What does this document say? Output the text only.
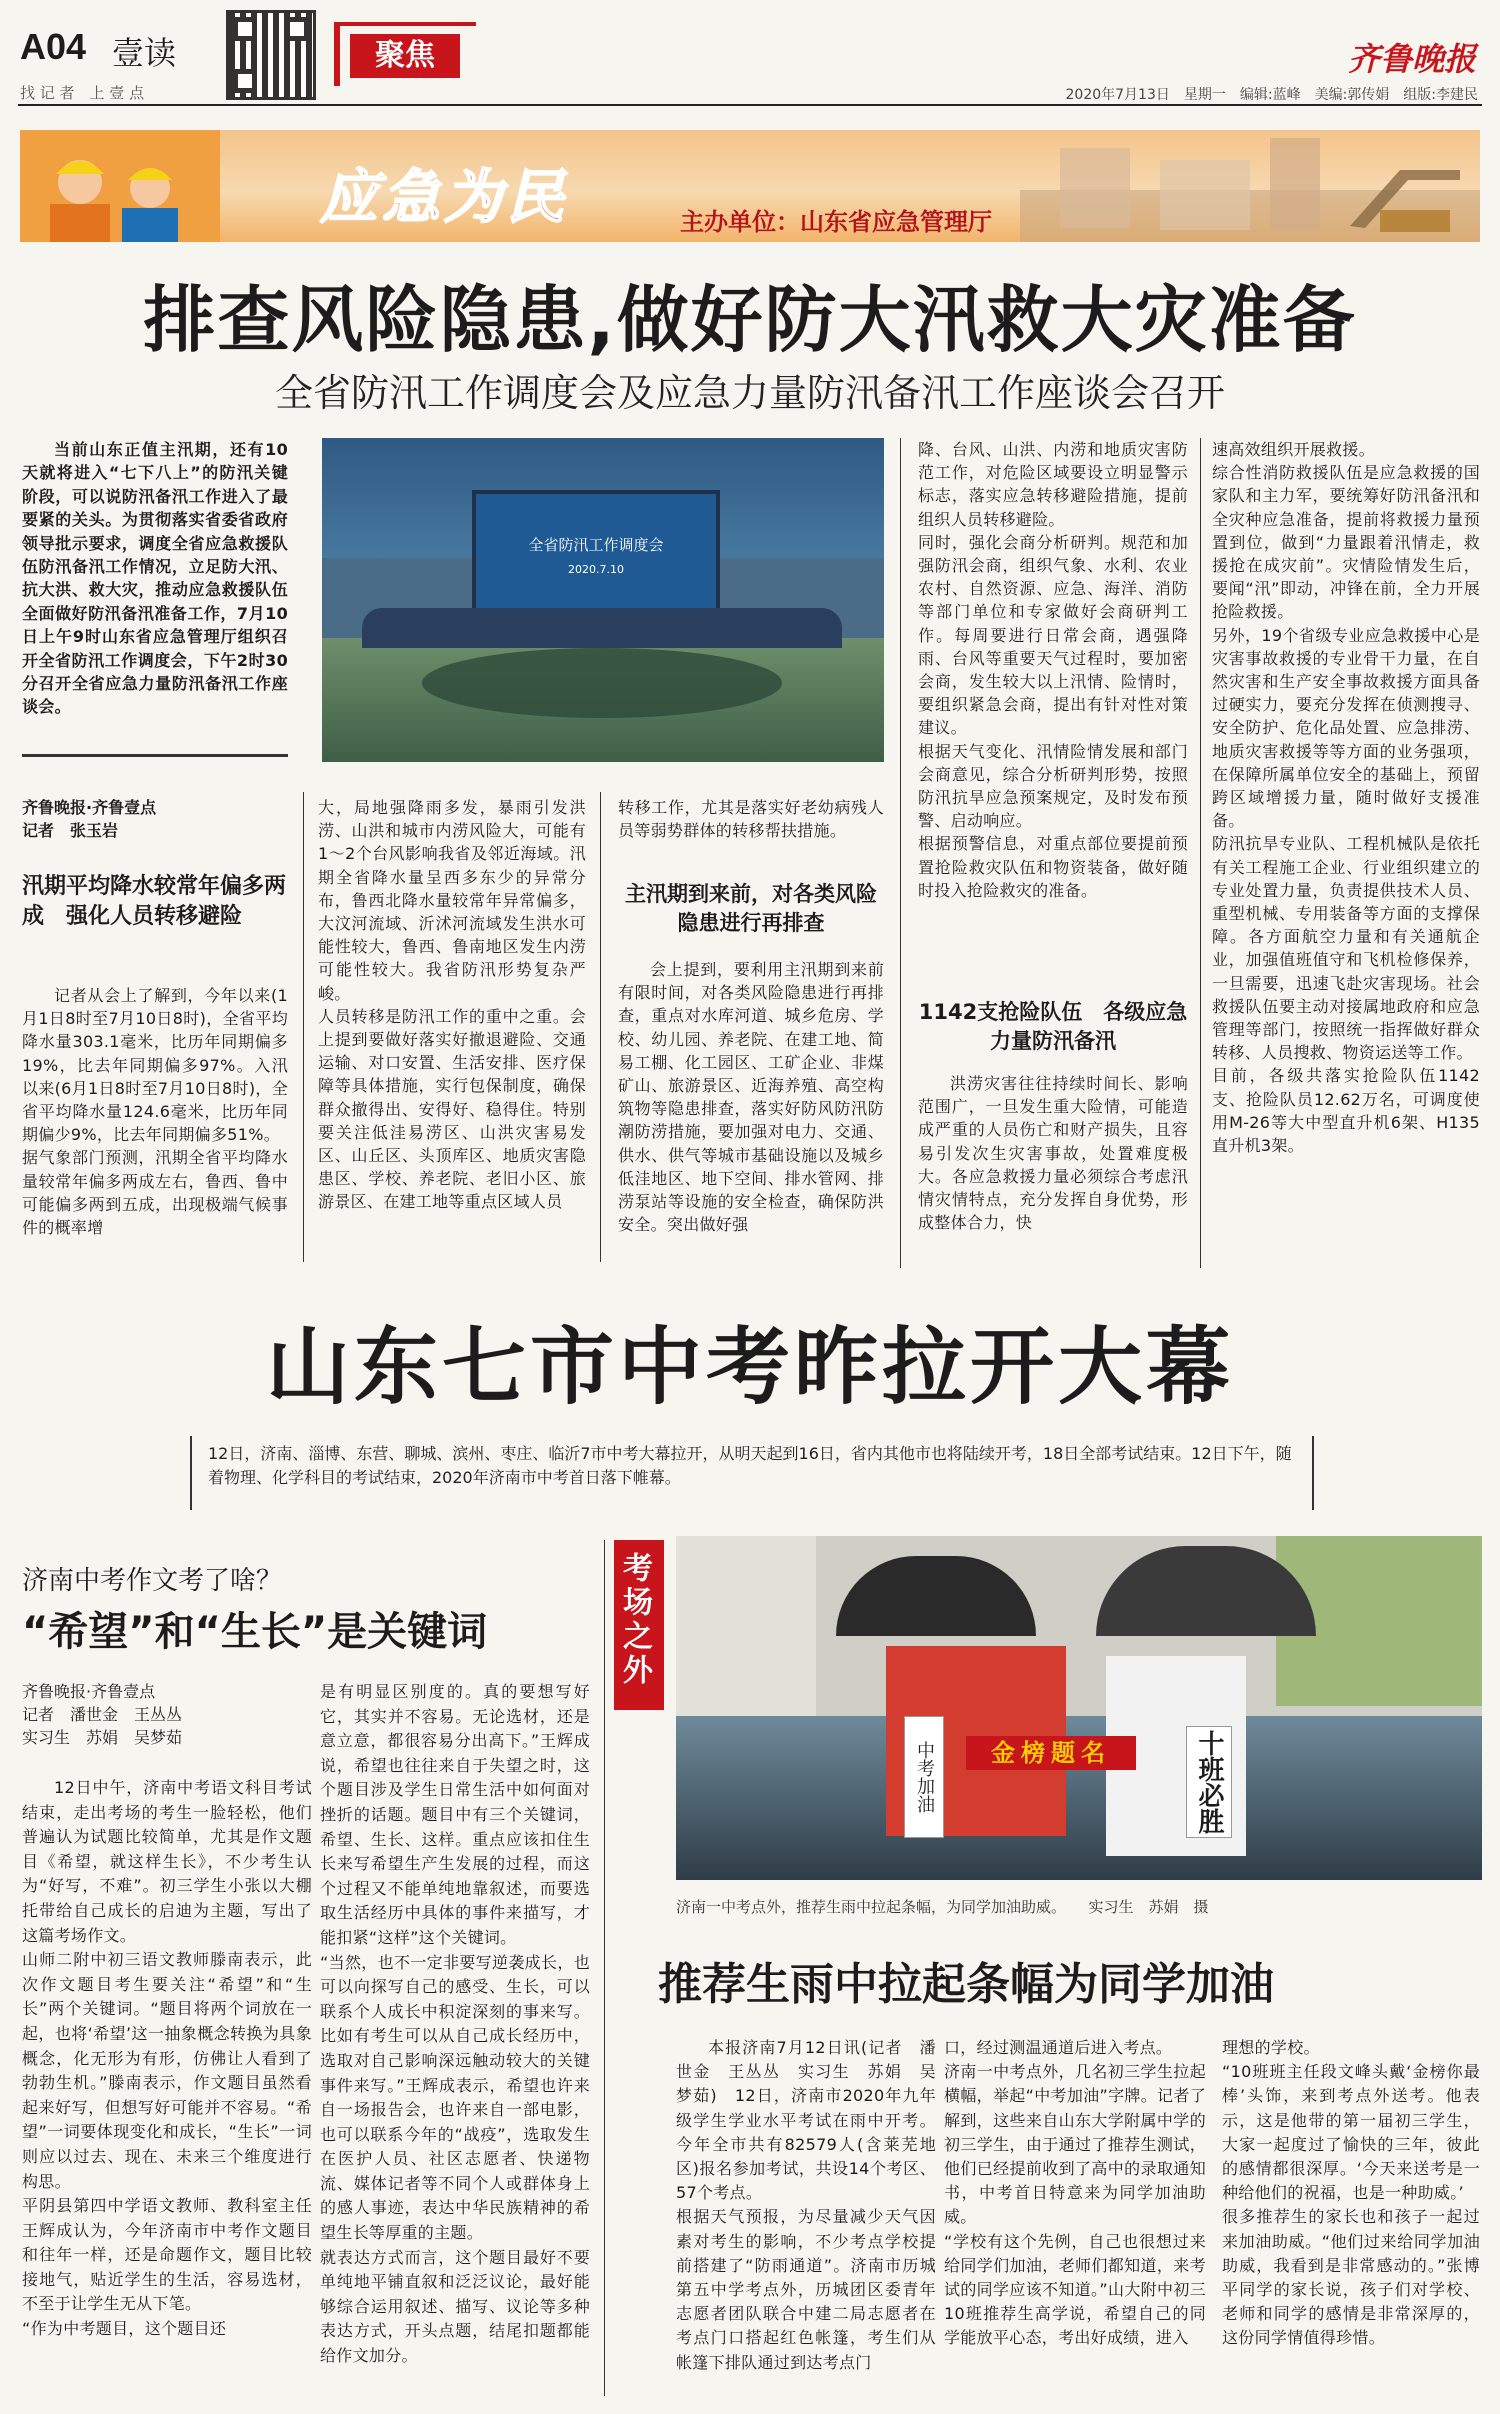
A04 壹读
找 记 者　上 壹 点
聚焦	齐鲁晚报
2020年7月13日　星期一　编辑:蓝峰　美编:郭传娟　组版:李建民
应急为民	主办单位：山东省应急管理厅
排查风险隐患,做好防大汛救大灾准备
全省防汛工作调度会及应急力量防汛备汛工作座谈会召开

当前山东正值主汛期，还有10天就将进入“七下八上”的防汛关键阶段，可以说防汛备汛工作进入了最要紧的关头。为贯彻落实省委省政府领导批示要求，调度全省应急救援队伍防汛备汛工作情况，立足防大汛、抗大洪、救大灾，推动应急救援队伍全面做好防汛备汛准备工作，7月10日上午9时山东省应急管理厅组织召开全省防汛工作调度会，下午2时30分召开全省应急力量防汛备汛工作座谈会。

全省防汛工作调度会
2020.7.10

齐鲁晚报·齐鲁壹点

记者　张玉岩

汛期平均降水较常年偏多两成　强化人员转移避险

记者从会上了解到，今年以来(1月1日8时至7月10日8时)，全省平均降水量303.1毫米，比历年同期偏多19%，比去年同期偏多97%。入汛以来(6月1日8时至7月10日8时)，全省平均降水量124.6毫米，比历年同期偏少9%，比去年同期偏多51%。
据气象部门预测，汛期全省平均降水量较常年偏多两成左右，鲁西、鲁中可能偏多两到五成，出现极端气候事件的概率增

大，局地强降雨多发，暴雨引发洪涝、山洪和城市内涝风险大，可能有1～2个台风影响我省及邻近海域。汛期全省降水量呈西多东少的异常分布，鲁西北降水量较常年异常偏多，大汶河流域、沂沭河流域发生洪水可能性较大，鲁西、鲁南地区发生内涝可能性较大。我省防汛形势复杂严峻。
人员转移是防汛工作的重中之重。会上提到要做好落实好撤退避险、交通运输、对口安置、生活安排、医疗保障等具体措施，实行包保制度，确保群众撤得出、安得好、稳得住。特别要关注低洼易涝区、山洪灾害易发区、山丘区、头顶库区、地质灾害隐患区、学校、养老院、老旧小区、旅游景区、在建工地等重点区域人员

转移工作，尤其是落实好老幼病残人员等弱势群体的转移帮扶措施。

主汛期到来前，对各类风险隐患进行再排查

会上提到，要利用主汛期到来前有限时间，对各类风险隐患进行再排查，重点对水库河道、城乡危房、学校、幼儿园、养老院、在建工地、简易工棚、化工园区、工矿企业、非煤矿山、旅游景区、近海养殖、高空构筑物等隐患排查，落实好防风防汛防潮防涝措施，要加强对电力、交通、供水、供气等城市基础设施以及城乡低洼地区、地下空间、排水管网、排涝泵站等设施的安全检查，确保防洪安全。突出做好强

降、台风、山洪、内涝和地质灾害防范工作，对危险区域要设立明显警示标志，落实应急转移避险措施，提前组织人员转移避险。
同时，强化会商分析研判。规范和加强防汛会商，组织气象、水利、农业农村、自然资源、应急、海洋、消防等部门单位和专家做好会商研判工作。每周要进行日常会商，遇强降雨、台风等重要天气过程时，要加密会商，发生较大以上汛情、险情时，要组织紧急会商，提出有针对性对策建议。
根据天气变化、汛情险情发展和部门会商意见，综合分析研判形势，按照防汛抗旱应急预案规定，及时发布预警、启动响应。
根据预警信息，对重点部位要提前预置抢险救灾队伍和物资装备，做好随时投入抢险救灾的准备。

1142支抢险队伍　各级应急力量防汛备汛

洪涝灾害往往持续时间长、影响范围广，一旦发生重大险情，可能造成严重的人员伤亡和财产损失，且容易引发次生灾害事故，处置难度极大。各应急救援力量必须综合考虑汛情灾情特点，充分发挥自身优势，形成整体合力，快

速高效组织开展救援。
综合性消防救援队伍是应急救援的国家队和主力军，要统筹好防汛备汛和全灾种应急准备，提前将救援力量预置到位，做到“力量跟着汛情走，救援抢在成灾前”。灾情险情发生后，要闻“汛”即动，冲锋在前，全力开展抢险救援。
另外，19个省级专业应急救援中心是灾害事故救援的专业骨干力量，在自然灾害和生产安全事故救援方面具备过硬实力，要充分发挥在侦测搜寻、安全防护、危化品处置、应急排涝、地质灾害救援等等方面的业务强项，在保障所属单位安全的基础上，预留跨区域增援力量，随时做好支援准备。
防汛抗旱专业队、工程机械队是依托有关工程施工企业、行业组织建立的专业处置力量，负责提供技术人员、重型机械、专用装备等方面的支撑保障。各方面航空力量和有关通航企业，加强值班值守和飞机检修保养，一旦需要，迅速飞赴灾害现场。社会救援队伍要主动对接属地政府和应急管理等部门，按照统一指挥做好群众转移、人员搜救、物资运送等工作。
目前，各级共落实抢险队伍1142支、抢险队员12.62万名，可调度使用M-26等大中型直升机6架、H135直升机3架。

山东七市中考昨拉开大幕

12日，济南、淄博、东营、聊城、滨州、枣庄、临沂7市中考大幕拉开，从明天起到16日，省内其他市也将陆续开考，18日全部考试结束。12日下午，随着物理、化学科目的考试结束，2020年济南市中考首日落下帷幕。

济南中考作文考了啥？
“希望”和“生长”是关键词

齐鲁晚报·齐鲁壹点

记者　潘世金　王丛丛

实习生　苏娟　吴梦茹

12日中午，济南中考语文科目考试结束，走出考场的考生一脸轻松，他们普遍认为试题比较简单，尤其是作文题目《希望，就这样生长》，不少考生认为“好写，不难”。初三学生小张以大棚托带给自己成长的启迪为主题，写出了这篇考场作文。
山师二附中初三语文教师滕南表示，此次作文题目考生要关注“希望”和“生长”两个关键词。“题目将两个词放在一起，也将‘希望’这一抽象概念转换为具象概念，化无形为有形，仿佛让人看到了勃勃生机。”滕南表示，作文题目虽然看起来好写，但想写好可能并不容易。“希望”一词要体现变化和成长，“生长”一词则应以过去、现在、未来三个维度进行构思。
平阴县第四中学语文教师、教科室主任王辉成认为，今年济南市中考作文题目和往年一样，还是命题作文，题目比较接地气，贴近学生的生活，容易选材，不至于让学生无从下笔。
“作为中考题目，这个题目还

是有明显区别度的。真的要想写好它，其实并不容易。无论选材，还是意立意，都很容易分出高下。”王辉成说，希望也往往来自于失望之时，这个题目涉及学生日常生活中如何面对挫折的话题。题目中有三个关键词，希望、生长、这样。重点应该扣住生长来写希望生产生发展的过程，而这个过程又不能单纯地靠叙述，而要选取生活经历中具体的事件来描写，才能扣紧“这样”这个关键词。
“当然，也不一定非要写逆袭成长，也可以向探写自己的感受、生长，可以联系个人成长中积淀深刻的事来写。比如有考生可以从自己成长经历中，选取对自己影响深远触动较大的关键事件来写。”王辉成表示，希望也许来自一场报告会，也许来自一部电影，也可以联系今年的“战疫”，选取发生在医护人员、社区志愿者、快递物流、媒体记者等不同个人或群体身上的感人事迹，表达中华民族精神的希望生长等厚重的主题。
就表达方式而言，这个题目最好不要单纯地平铺直叙和泛泛议论，最好能够综合运用叙述、描写、议论等多种表达方式，开头点题，结尾扣题都能给作文加分。

考场之外
金榜题名	十班必胜
中考加油
济南一中考点外，推荐生雨中拉起条幅，为同学加油助威。　　实习生　苏娟　摄
推荐生雨中拉起条幅为同学加油

本报济南7月12日讯(记者　潘世金　王丛丛　实习生　苏娟　吴梦茹)　12日，济南市2020年九年级学生学业水平考试在雨中开考。今年全市共有82579人(含莱芜地区)报名参加考试，共设14个考区、57个考点。
根据天气预报，为尽量减少天气因素对考生的影响，不少考点学校提前搭建了“防雨通道”。济南市历城第五中学考点外，历城团区委青年志愿者团队联合中建二局志愿者在考点门口搭起红色帐篷，考生们从帐篷下排队通过到达考点门

口，经过测温通道后进入考点。
济南一中考点外，几名初三学生拉起横幅，举起“中考加油”字牌。记者了解到，这些来自山东大学附属中学的初三学生，由于通过了推荐生测试，他们已经提前收到了高中的录取通知书，中考首日特意来为同学加油助威。
“学校有这个先例，自己也很想过来给同学们加油，老师们都知道，来考试的同学应该不知道。”山大附中初三10班推荐生高学说，希望自己的同学能放平心态，考出好成绩，进入

理想的学校。
“10班班主任段文峰头戴‘金榜你最棒’头饰，来到考点外送考。他表示，这是他带的第一届初三学生，大家一起度过了愉快的三年，彼此的感情都很深厚。‘今天来送考是一种给他们的祝福，也是一种助威。’
很多推荐生的家长也和孩子一起过来加油助威。“他们过来给同学加油助威，我看到是非常感动的。”张博平同学的家长说，孩子们对学校、老师和同学的感情是非常深厚的，这份同学情值得珍惜。
